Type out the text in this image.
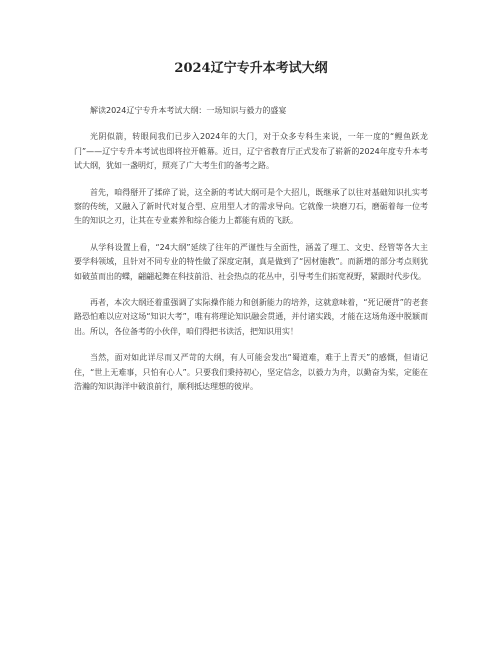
2024辽宁专升本考试大纲

解读2024辽宁专升本考试大纲：一场知识与毅力的盛宴

光阴似箭，转眼间我们已步入2024年的大门，对于众多专科生来说，一年一度的“鲤鱼跃龙门”——辽宁专升本考试也即将拉开帷幕。近日，辽宁省教育厅正式发布了崭新的2024年度专升本考试大纲，犹如一盏明灯，照亮了广大考生们的备考之路。

首先，咱得掰开了揉碎了说，这全新的考试大纲可是个大招儿，既继承了以往对基础知识扎实考察的传统，又融入了新时代对复合型、应用型人才的需求导向。它就像一块磨刀石，磨砺着每一位考生的知识之刃，让其在专业素养和综合能力上都能有质的飞跃。

从学科设置上看，“24大纲”延续了往年的严谨性与全面性，涵盖了理工、文史、经管等各大主要学科领域，且针对不同专业的特性做了深度定制，真是做到了“因材施教”。而新增的部分考点则犹如破茧而出的蝶，翩翩起舞在科技前沿、社会热点的花丛中，引导考生们拓宽视野，紧跟时代步伐。

再者，本次大纲还着重强调了实际操作能力和创新能力的培养，这就意味着，“死记硬背”的老套路恐怕难以应对这场“知识大考”，唯有将理论知识融会贯通，并付诸实践，才能在这场角逐中脱颖而出。所以，各位备考的小伙伴，咱们得把书读活，把知识用实！

当然，面对如此详尽而又严苛的大纲，有人可能会发出“蜀道难，难于上青天”的感慨，但请记住，“世上无难事，只怕有心人”。只要我们秉持初心，坚定信念，以毅力为舟，以勤奋为桨，定能在浩瀚的知识海洋中破浪前行，顺利抵达理想的彼岸。
